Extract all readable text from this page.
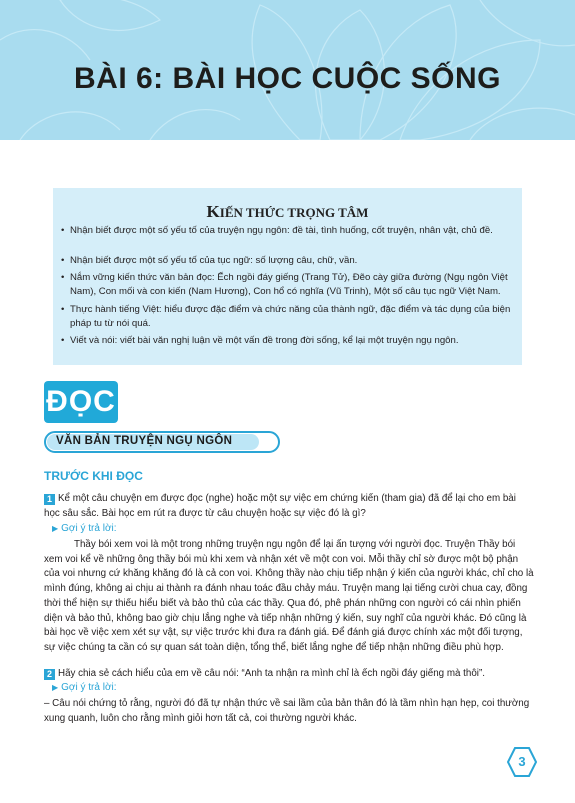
BÀI 6: BÀI HỌC CUỘC SỐNG
KIẾN THỨC TRỌNG TÂM
• Nhận biết được một số yếu tố của truyện ngụ ngôn: đề tài, tình huống, cốt truyện, nhân vật, chủ đề.
• Nhận biết được một số yếu tố của tục ngữ: số lượng câu, chữ, vần.
• Nắm vững kiến thức văn bản đọc: Ếch ngồi đáy giếng (Trang Tử), Đẽo cày giữa đường (Ngụ ngôn Việt Nam), Con mối và con kiến (Nam Hương), Con hổ có nghĩa (Vũ Trinh), Một số câu tục ngữ Việt Nam.
• Thực hành tiếng Việt: hiểu được đặc điểm và chức năng của thành ngữ, đặc điểm và tác dụng của biện pháp tu từ nói quá.
• Viết và nói: viết bài văn nghị luận về một vấn đề trong đời sống, kể lại một truyện ngụ ngôn.
ĐỌC
VĂN BẢN TRUYỆN NGỤ NGÔN
TRƯỚC KHI ĐỌC
1 Kể một câu chuyện em được đọc (nghe) hoặc một sự việc em chứng kiến (tham gia) đã để lại cho em bài học sâu sắc. Bài học em rút ra được từ câu chuyện hoặc sự việc đó là gì?
▶ Gợi ý trả lời:
Thầy bói xem voi là một trong những truyện ngụ ngôn để lại ấn tượng với người đọc. Truyện Thầy bói xem voi kể về những ông thầy bói mù khi xem và nhận xét về một con voi. Mỗi thầy chỉ sờ được một bộ phận của voi nhưng cứ khăng khăng đó là cả con voi. Không thầy nào chịu tiếp nhận ý kiến của người khác, chỉ cho là mình đúng, không ai chịu ai thành ra đánh nhau toác đầu chảy máu. Truyện mang lại tiếng cười chua cay, đồng thời thể hiện sự thiếu hiểu biết và bảo thủ của các thầy. Qua đó, phê phán những con người có cái nhìn phiến diện và bảo thủ, không bao giờ chịu lắng nghe và tiếp nhận những ý kiến, suy nghĩ của người khác. Đó cũng là bài học về việc xem xét sự vật, sự việc trước khi đưa ra đánh giá. Để đánh giá được chính xác một đối tượng, sự việc chúng ta cần có sự quan sát toàn diện, tổng thể, biết lắng nghe để tiếp nhận những điều phù hợp.
2 Hãy chia sẻ cách hiểu của em về câu nói: “Anh ta nhận ra mình chỉ là ếch ngồi đáy giếng mà thôi”.
▶ Gợi ý trả lời:
– Câu nói chứng tỏ rằng, người đó đã tự nhận thức về sai lầm của bản thân đó là tầm nhìn hạn hẹp, coi thường xung quanh, luôn cho rằng mình giỏi hơn tất cả, coi thường người khác.
3
